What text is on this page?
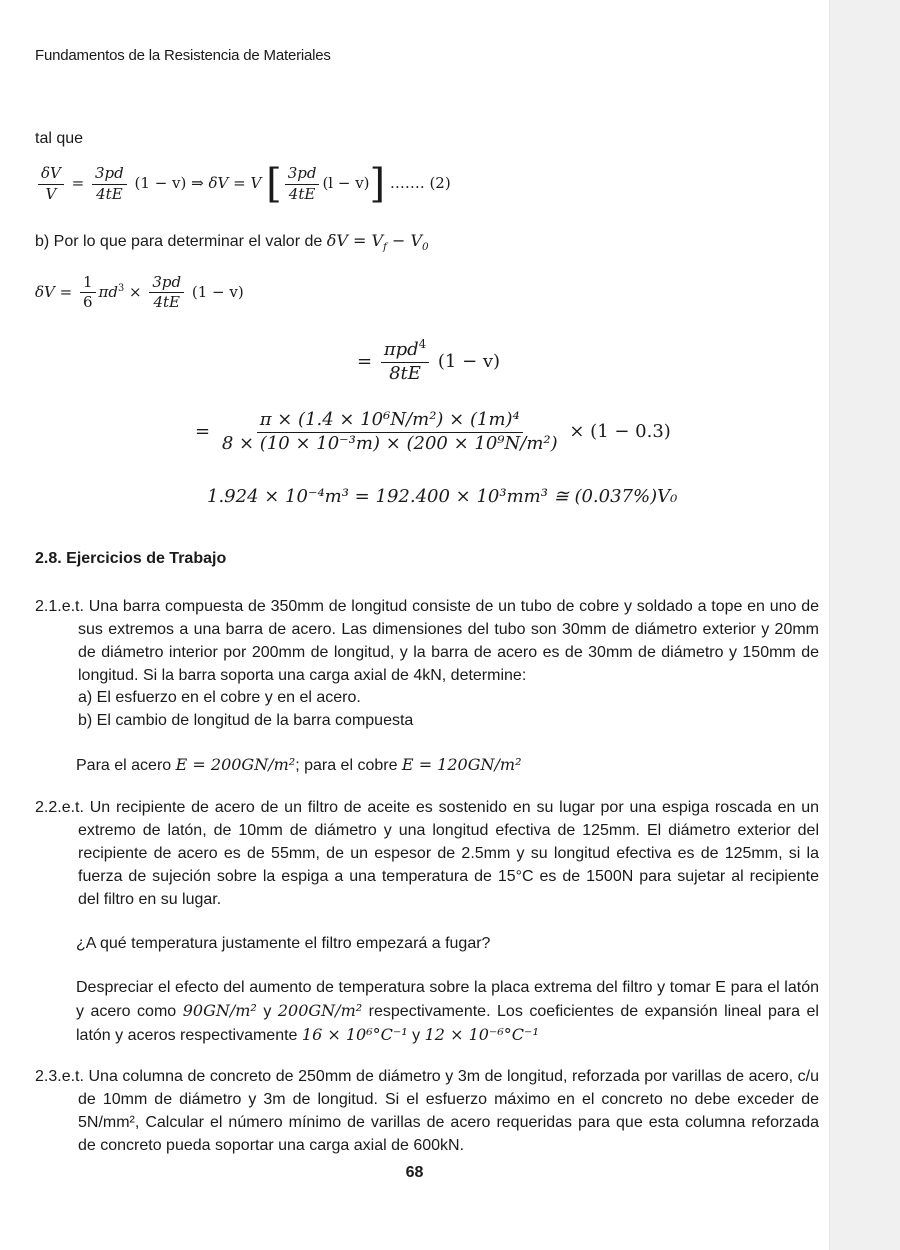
Fundamentos de la Resistencia de Materiales
tal que
$\frac{\delta V}{V} = \frac{3pd}{4tE} (1 - v)$ ⇒ δV = V [ $\frac{3pd}{4tE} (l - v)$] ……. (2)
b) Por lo que para determinar el valor de $\delta V = V_f - V_0$
$\delta V = \frac{1}{6} \pi d^3 \times \frac{3pd}{4tE} (1 - v)$
= $\frac{\pi pd^4}{8tE} (1 - v)$
= $\frac{\text{π × (1.4 × 10⁶N/m²) × (1m)⁴}}{\text{8 × (10 × 10⁻³m) × (200 × 10⁹N/m²)}} \times (1 - 0.3)$
1.924 × 10⁻⁴m³ = 192.400 × 10³mm³ ≅ (0.037%)V₀
2.8. Ejercicios de Trabajo
2.1.e.t. Una barra compuesta de 350mm de longitud consiste de un tubo de cobre y soldado a tope en uno de sus extremos a una barra de acero. Las dimensiones del tubo son 30mm de diámetro exterior y 20mm de diámetro interior por 200mm de longitud, y la barra de acero es de 30mm de diámetro y 150mm de longitud. Si la barra soporta una carga axial de 4kN, determine:
a) El esfuerzo en el cobre y en el acero.
b) El cambio de longitud de la barra compuesta
Para el acero E = 200GN/m²; para el cobre E = 120GN/m²
2.2.e.t. Un recipiente de acero de un filtro de aceite es sostenido en su lugar por una espiga roscada en un extremo de latón, de 10mm de diámetro y una longitud efectiva de 125mm. El diámetro exterior del recipiente de acero es de 55mm, de un espesor de 2.5mm y su longitud efectiva es de 125mm, si la fuerza de sujeción sobre la espiga a una temperatura de 15°C es de 1500N para sujetar al recipiente del filtro en su lugar.
¿A qué temperatura justamente el filtro empezará a fugar?
Despreciar el efecto del aumento de temperatura sobre la placa extrema del filtro y tomar E para el latón y acero como 90GN/m² y 200GN/m² respectivamente. Los coeficientes de expansión lineal para el latón y aceros respectivamente 16 × 10⁶°C⁻¹ y 12 × 10⁻⁶°C⁻¹
2.3.e.t. Una columna de concreto de 250mm de diámetro y 3m de longitud, reforzada por varillas de acero, c/u de 10mm de diámetro y 3m de longitud. Si el esfuerzo máximo en el concreto no debe exceder de 5N/mm², Calcular el número mínimo de varillas de acero requeridas para que esta columna reforzada de concreto pueda soportar una carga axial de 600kN.
68
